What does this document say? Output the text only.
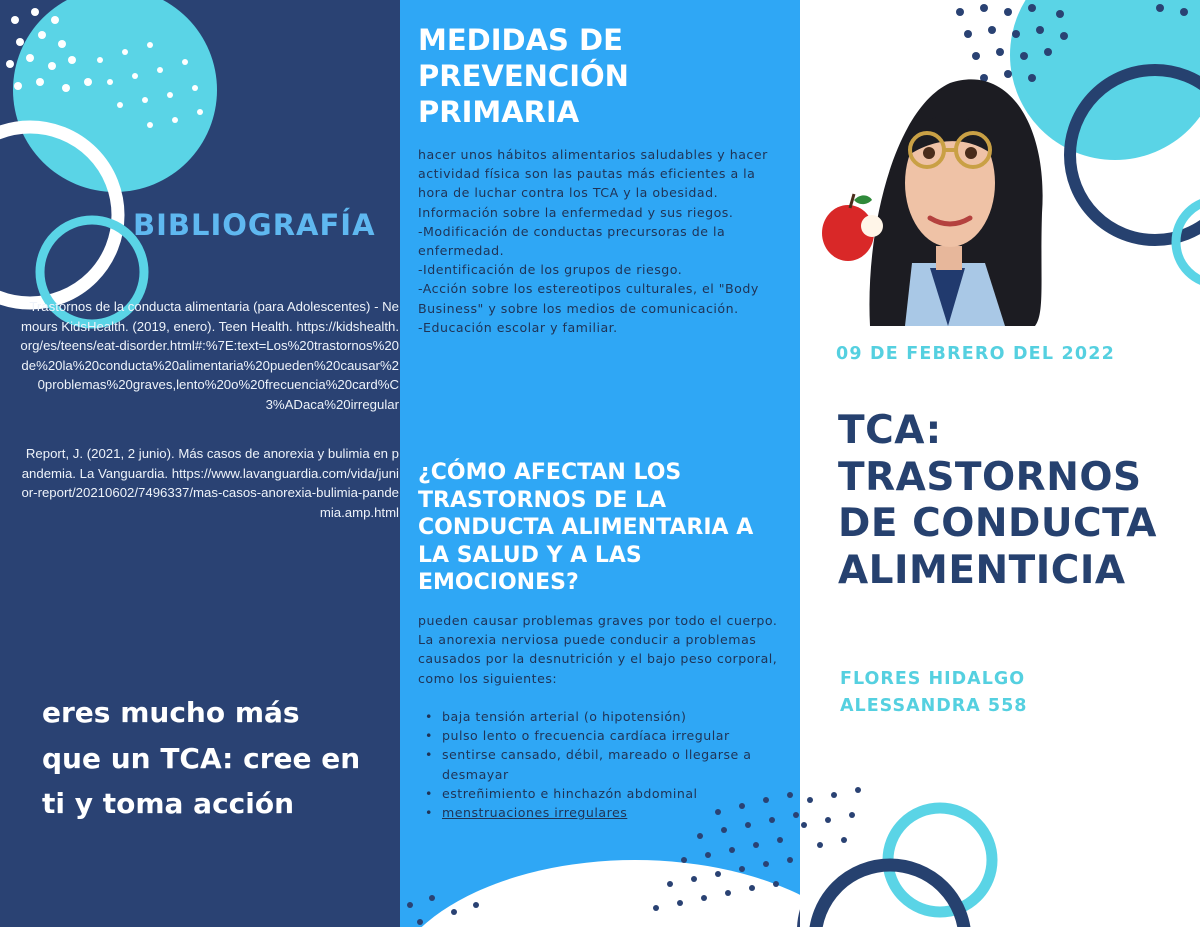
BIBLIOGRAFÍA
Trastornos de la conducta alimentaria (para Adolescentes) - Nemours KidsHealth. (2019, enero). Teen Health. https://kidshealth.org/es/teens/eat-disorder.html#:%7E:text=Los%20trastornos%20de%20la%20conducta%20alimentaria%20pueden%20causar%20problemas%20graves,lento%20o%20frecuencia%20card%C3%ADaca%20irregular
Report, J. (2021, 2 junio). Más casos de anorexia y bulimia en pandemia. La Vanguardia. https://www.lavanguardia.com/vida/junior-report/20210602/7496337/mas-casos-anorexia-bulimia-pandemia.amp.html
eres mucho más que un TCA: cree en ti y toma acción
MEDIDAS DE PREVENCIÓN PRIMARIA
hacer unos hábitos alimentarios saludables y hacer actividad física son las pautas más eficientes a la hora de luchar contra los TCA y la obesidad.
Información sobre la enfermedad y sus riegos.
-Modificación de conductas precursoras de la enfermedad.
-Identificación de los grupos de riesgo.
-Acción sobre los estereotipos culturales, el "Body Business" y sobre los medios de comunicación.
-Educación escolar y familiar.
¿CÓMO AFECTAN LOS TRASTORNOS DE LA CONDUCTA ALIMENTARIA A LA SALUD Y A LAS EMOCIONES?
pueden causar problemas graves por todo el cuerpo.
La anorexia nerviosa puede conducir a problemas causados por la desnutrición y el bajo peso corporal, como los siguientes:
• baja tensión arterial (o hipotensión)
• pulso lento o frecuencia cardíaca irregular
• sentirse cansado, débil, mareado o llegarse a desmayar
• estreñimiento e hinchazón abdominal
• menstruaciones irregulares
09 DE FEBRERO DEL 2022
TCA: TRASTORNOS DE CONDUCTA ALIMENTICIA
FLORES HIDALGO
ALESSANDRA 558
